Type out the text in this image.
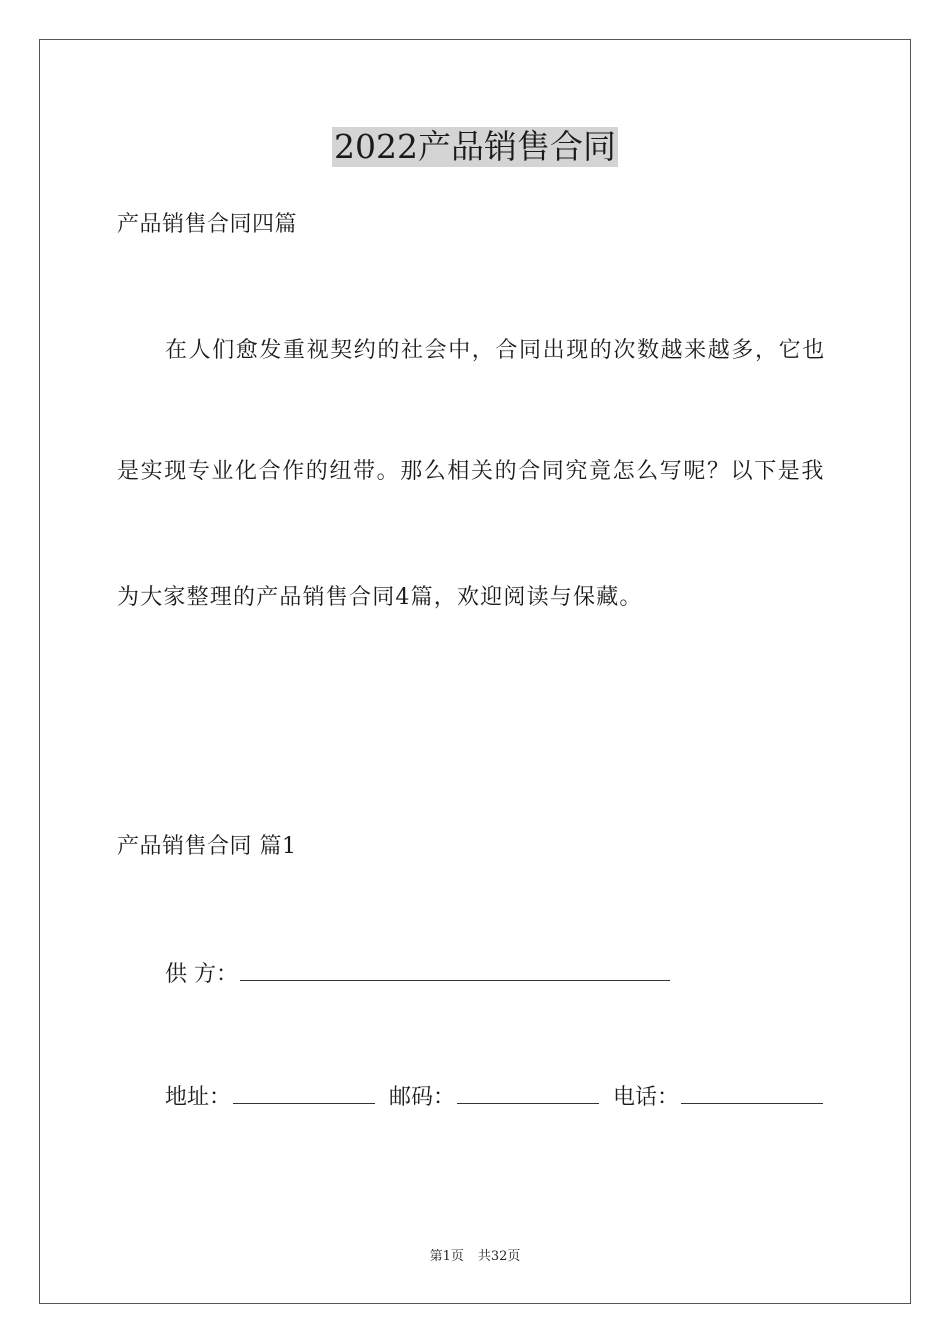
2022产品销售合同
产品销售合同四篇
在人们愈发重视契约的社会中，合同出现的次数越来越多，它也
是实现专业化合作的纽带。那么相关的合同究竟怎么写呢？以下是我
为大家整理的产品销售合同4篇，欢迎阅读与保藏。
产品销售合同 篇1
供 方：
地址：	邮码：	电话：
第1页 共32页
